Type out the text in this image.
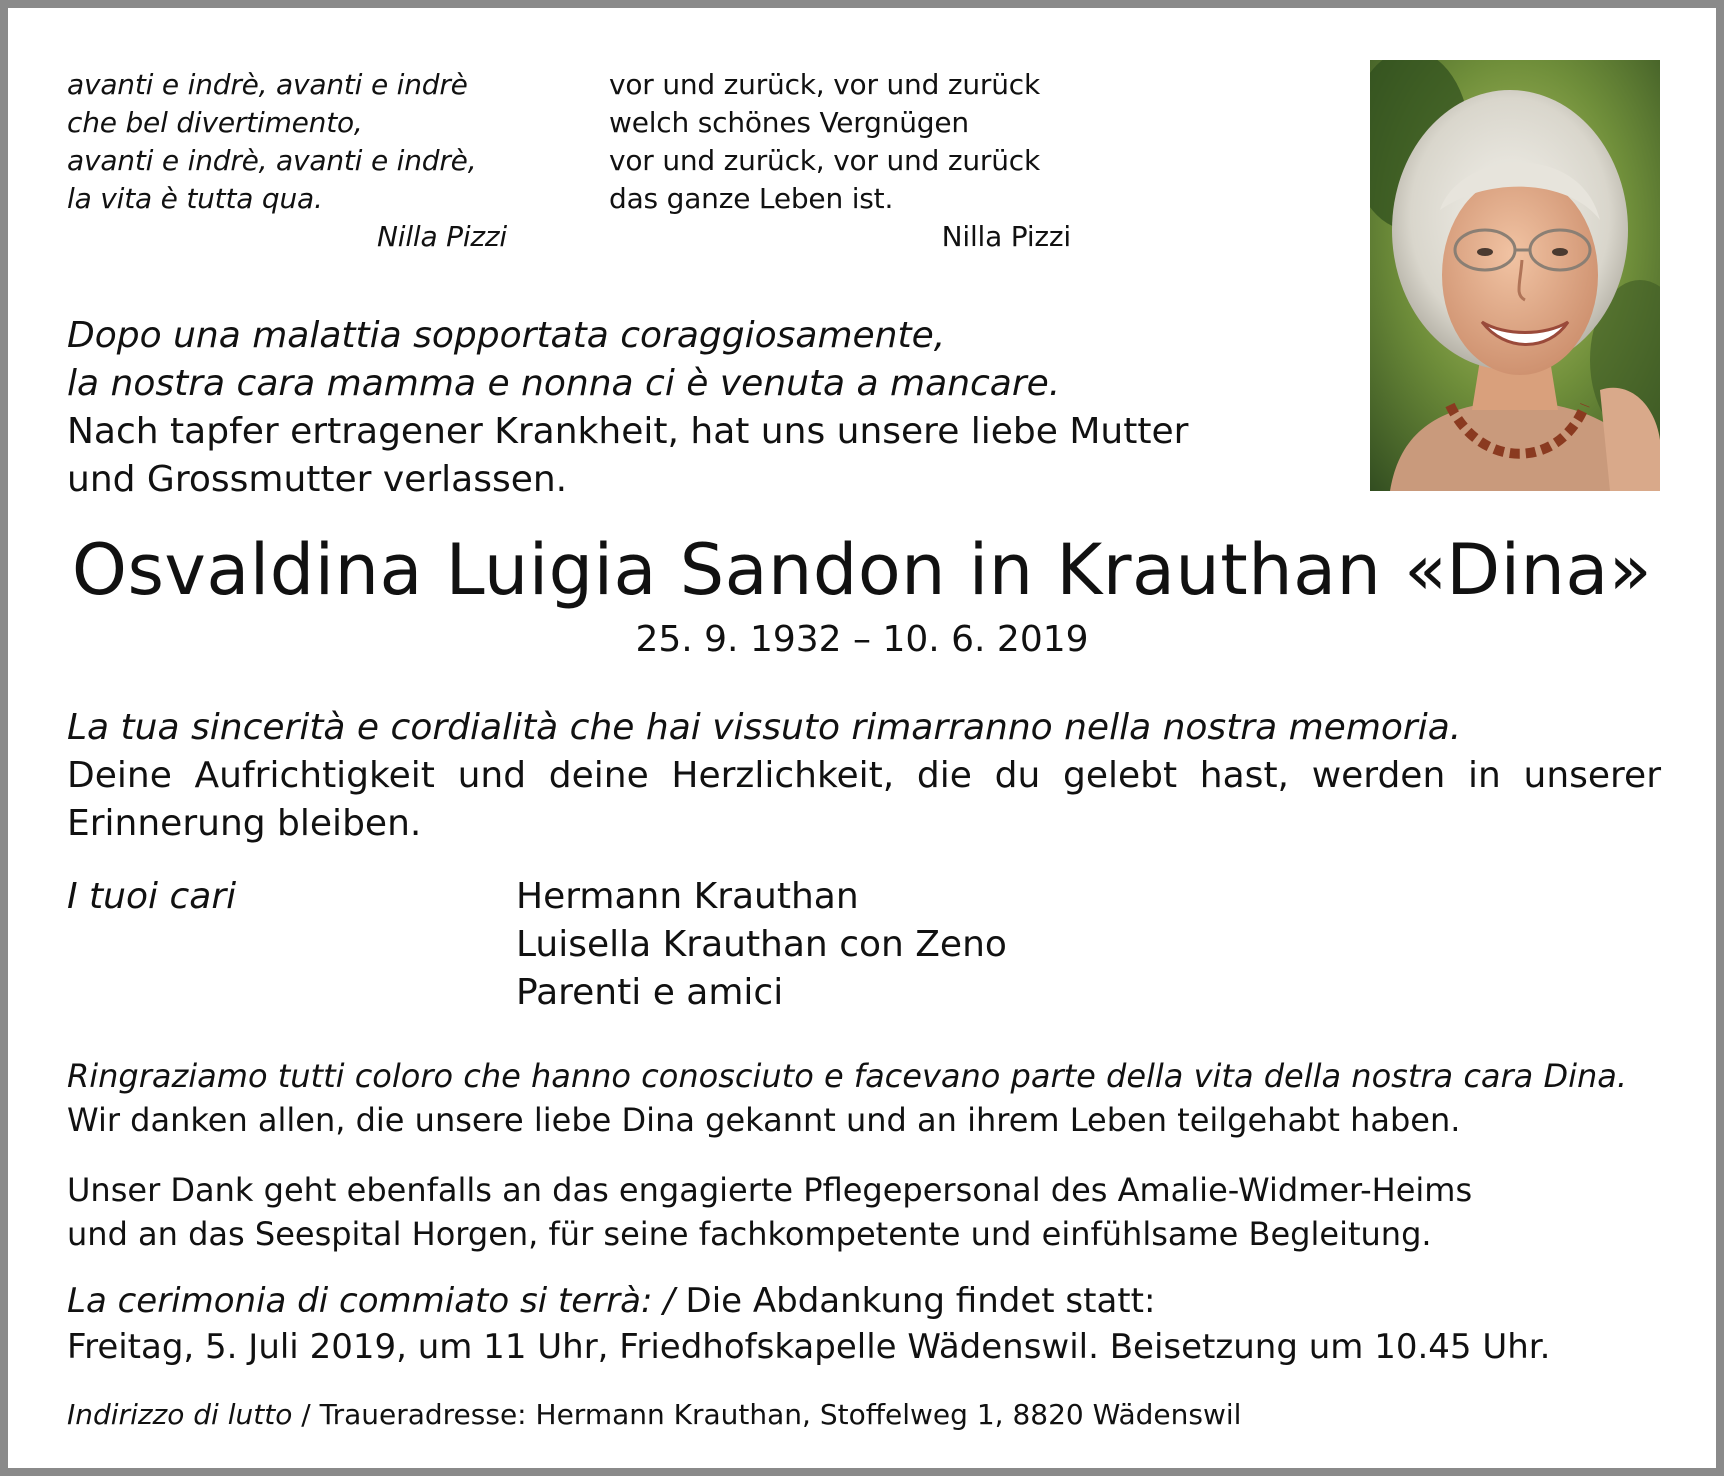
avanti e indrè, avanti e indrè
che bel divertimento,
avanti e indrè, avanti e indrè,
la vita è tutta qua.
Nilla Pizzi
vor und zurück, vor und zurück
welch schönes Vergnügen
vor und zurück, vor und zurück
das ganze Leben ist.
Nilla Pizzi
Dopo una malattia sopportata coraggiosamente,
la nostra cara mamma e nonna ci è venuta a mancare.
Nach tapfer ertragener Krankheit, hat uns unsere liebe Mutter
und Grossmutter verlassen.
Osvaldina Luigia Sandon in Krauthan «Dina»
25. 9. 1932 – 10. 6. 2019
La tua sincerità e cordialità che hai vissuto rimarranno nella nostra memoria.
Deine Aufrichtigkeit und deine Herzlichkeit, die du gelebt hast, werden in unserer
Erinnerung bleiben.
I tuoi cari	Hermann Krauthan
Luisella Krauthan con Zeno
Parenti e amici
Ringraziamo tutti coloro che hanno conosciuto e facevano parte della vita della nostra cara Dina.
Wir danken allen, die unsere liebe Dina gekannt und an ihrem Leben teilgehabt haben.
Unser Dank geht ebenfalls an das engagierte Pflegepersonal des Amalie-Widmer-Heims
und an das Seespital Horgen, für seine fachkompetente und einfühlsame Begleitung.
La cerimonia di commiato si terrà: / Die Abdankung findet statt:
Freitag, 5. Juli 2019, um 11 Uhr, Friedhofskapelle Wädenswil. Beisetzung um 10.45 Uhr.
Indirizzo di lutto / Traueradresse: Hermann Krauthan, Stoffelweg 1, 8820 Wädenswil
